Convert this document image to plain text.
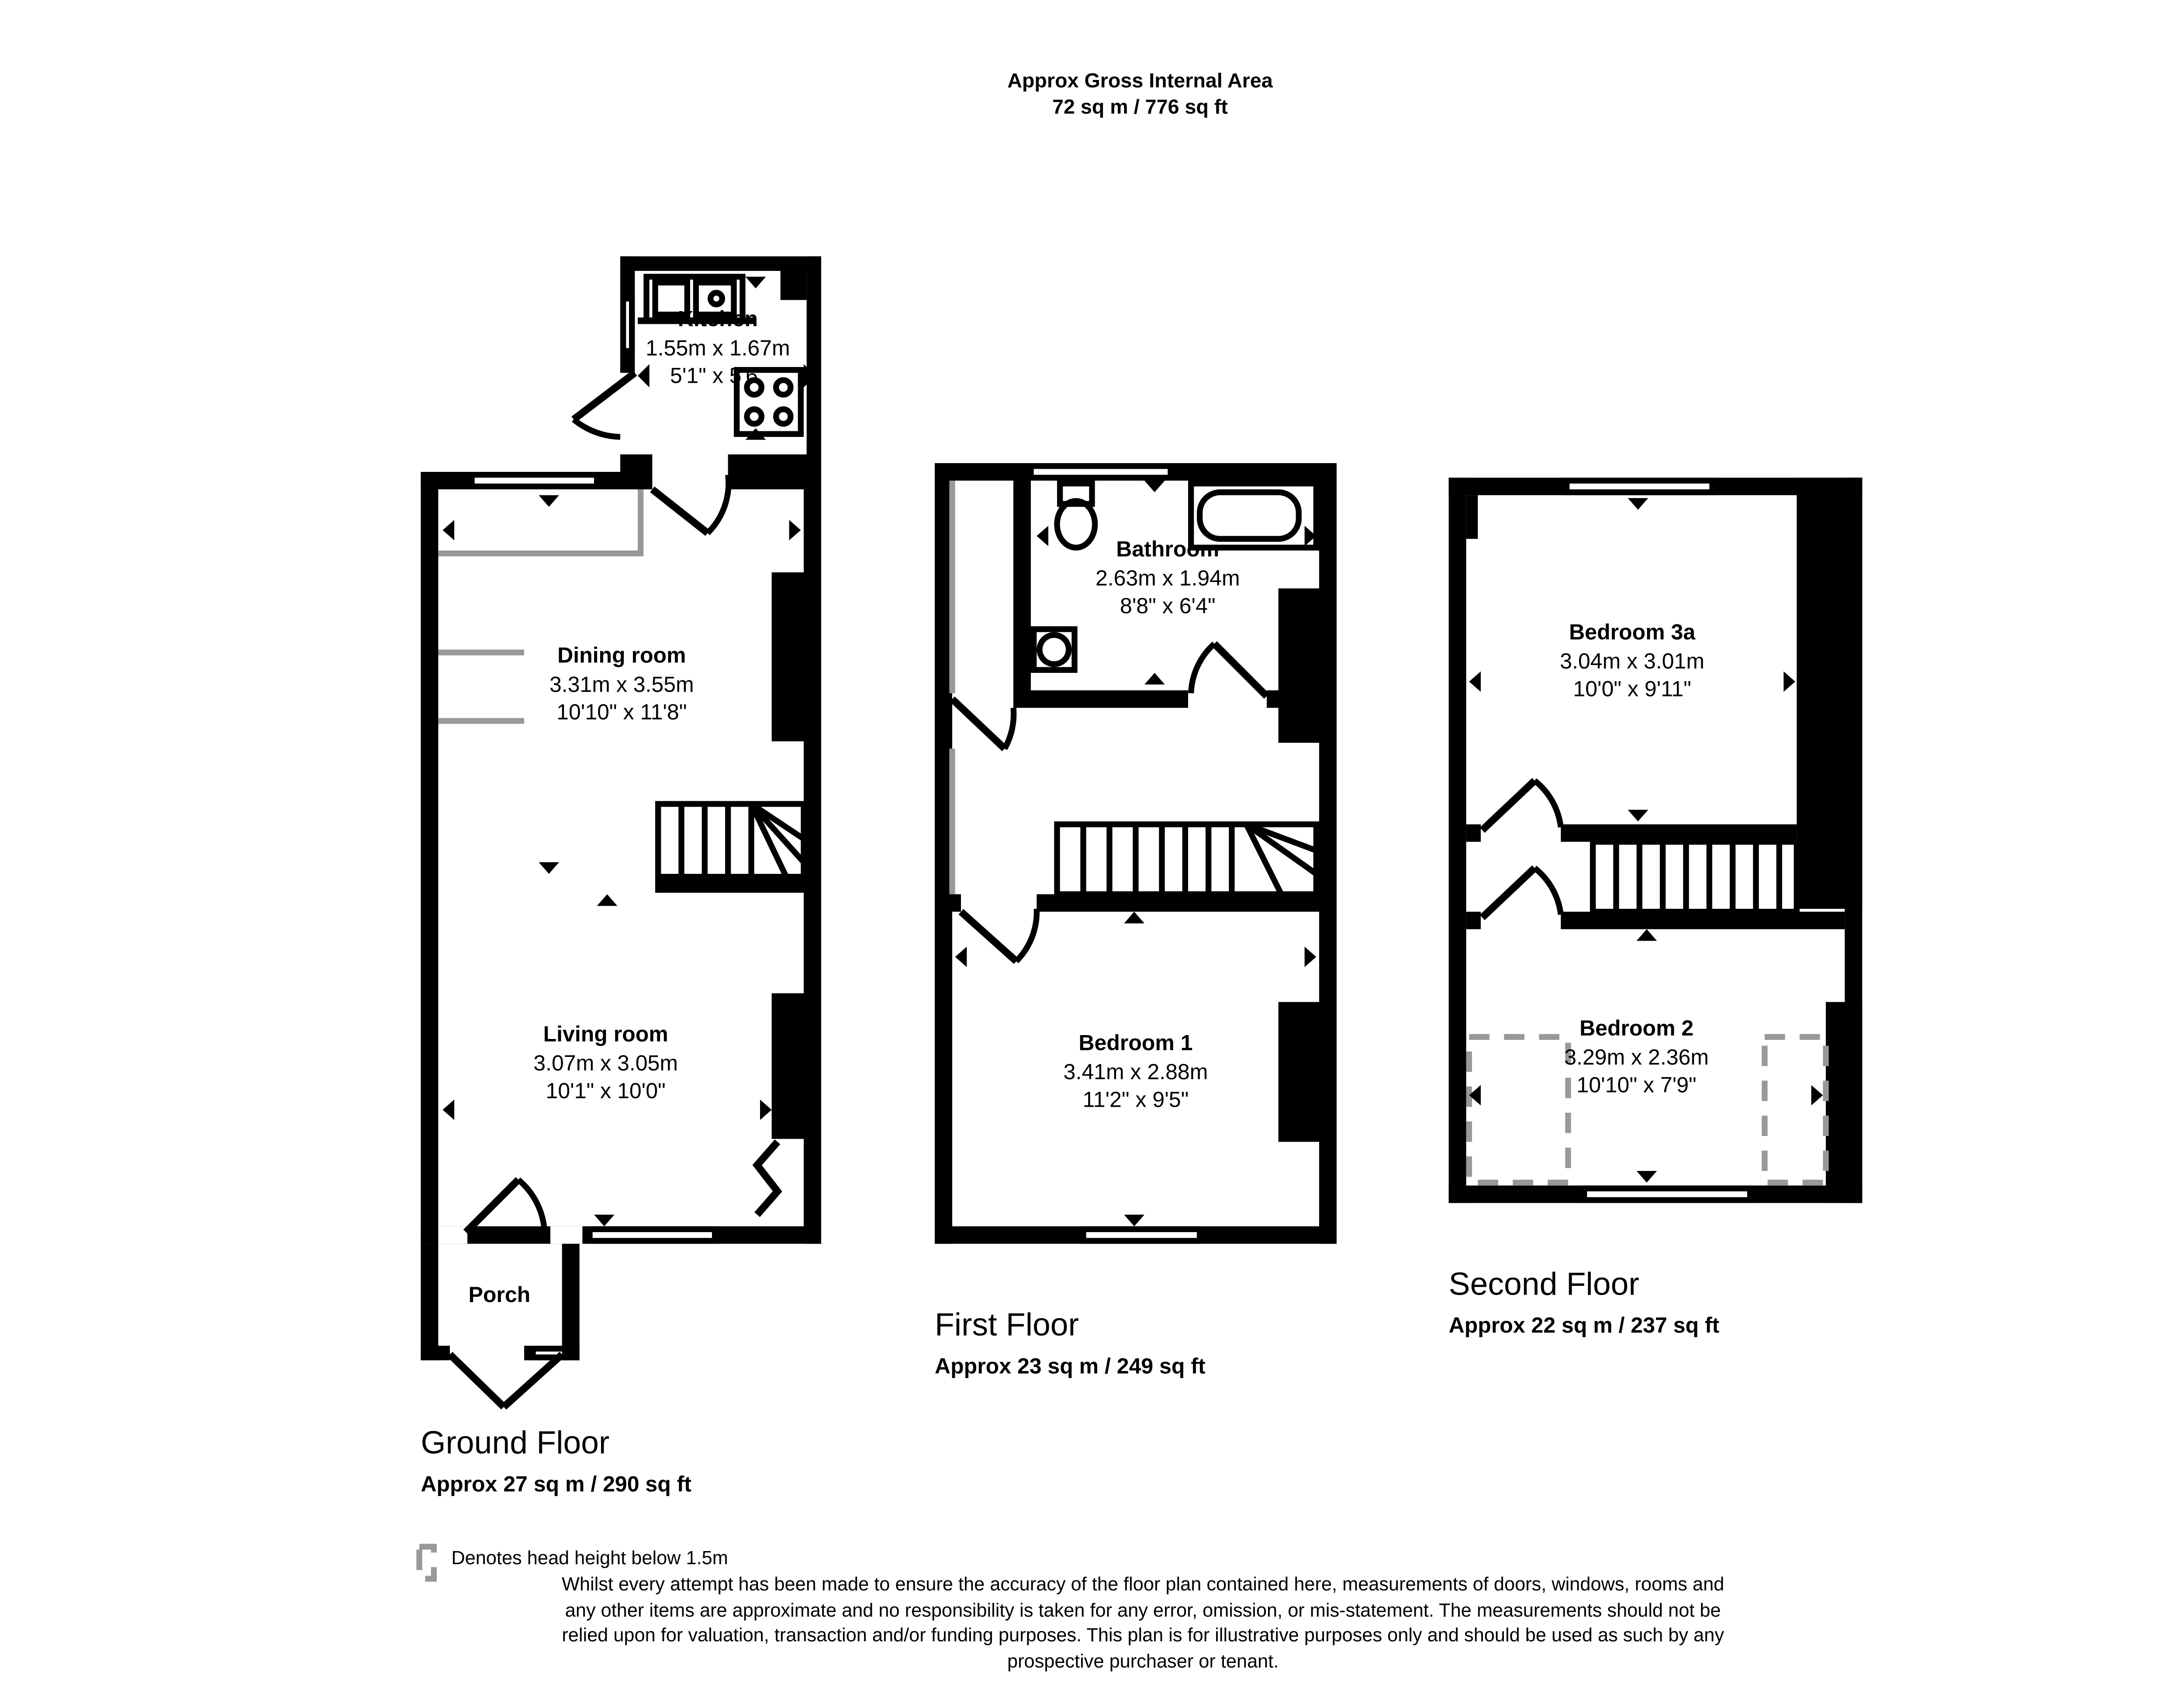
Approx Gross Internal Area
72 sq m / 776 sq ft
Kitchen
1.55m x 1.67m
5'1" x 5'6"
Dining room
3.31m x 3.55m
10'10" x 11'8"
Living room
3.07m x 3.05m
10'1" x 10'0"
Porch
Ground Floor
Approx 27 sq m / 290 sq ft
Bathroom
2.63m x 1.94m
8'8" x 6'4"
Bedroom 1
3.41m x 2.88m
11'2" x 9'5"
First Floor
Approx 23 sq m / 249 sq ft
Bedroom 3a
3.04m x 3.01m
10'0" x 9'11"
Bedroom 2
3.29m x 2.36m
10'10" x 7'9"
Second Floor
Approx 22 sq m / 237 sq ft
Denotes head height below 1.5m
Whilst every attempt has been made to ensure the accuracy of the floor plan contained here, measurements of doors, windows, rooms and
any other items are approximate and no responsibility is taken for any error, omission, or mis-statement. The measurements should not be
relied upon for valuation, transaction and/or funding purposes. This plan is for illustrative purposes only and should be used as such by any
prospective purchaser or tenant.
